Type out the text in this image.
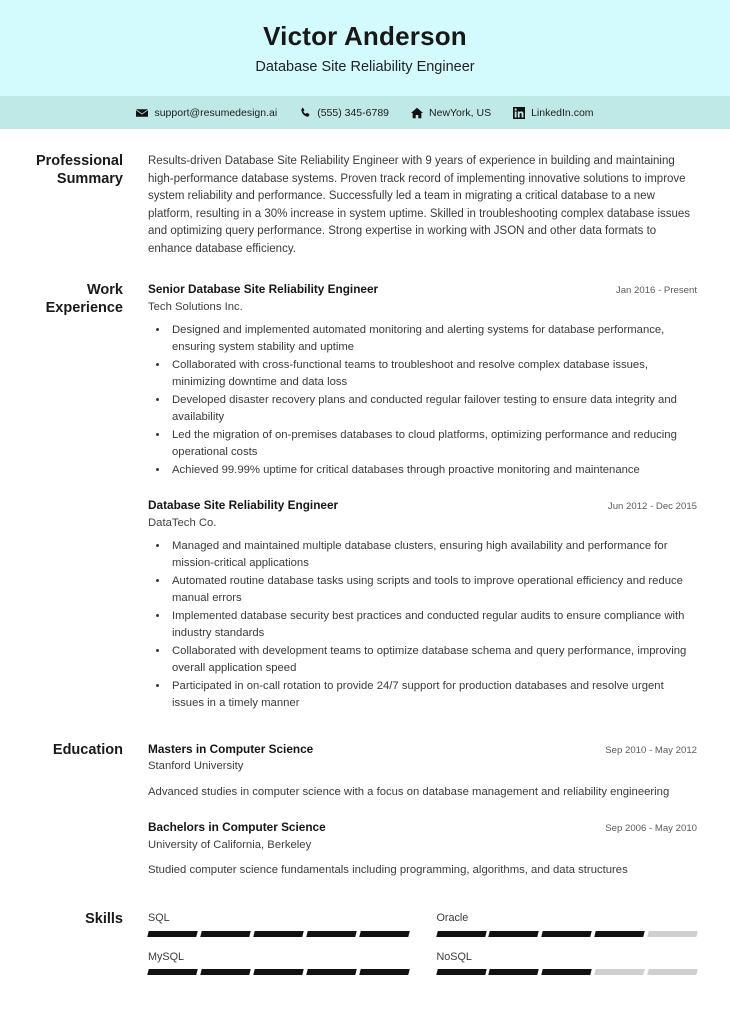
Victor Anderson
Database Site Reliability Engineer
support@resumedesign.ai	(555) 345-6789	NewYork, US	LinkedIn.com
Professional Summary
Results-driven Database Site Reliability Engineer with 9 years of experience in building and maintaining high-performance database systems. Proven track record of implementing innovative solutions to improve system reliability and performance. Successfully led a team in migrating a critical database to a new platform, resulting in a 30% increase in system uptime. Skilled in troubleshooting complex database issues and optimizing query performance. Strong expertise in working with JSON and other data formats to enhance database efficiency.
Work Experience
Senior Database Site Reliability Engineer	Jan 2016 - Present
Tech Solutions Inc.
• Designed and implemented automated monitoring and alerting systems for database performance, ensuring system stability and uptime
• Collaborated with cross-functional teams to troubleshoot and resolve complex database issues, minimizing downtime and data loss
• Developed disaster recovery plans and conducted regular failover testing to ensure data integrity and availability
• Led the migration of on-premises databases to cloud platforms, optimizing performance and reducing operational costs
• Achieved 99.99% uptime for critical databases through proactive monitoring and maintenance
Database Site Reliability Engineer	Jun 2012 - Dec 2015
DataTech Co.
• Managed and maintained multiple database clusters, ensuring high availability and performance for mission-critical applications
• Automated routine database tasks using scripts and tools to improve operational efficiency and reduce manual errors
• Implemented database security best practices and conducted regular audits to ensure compliance with industry standards
• Collaborated with development teams to optimize database schema and query performance, improving overall application speed
• Participated in on-call rotation to provide 24/7 support for production databases and resolve urgent issues in a timely manner
Education	Masters in Computer Science	Sep 2010 - May 2012
Stanford University
Advanced studies in computer science with a focus on database management and reliability engineering
Bachelors in Computer Science	Sep 2006 - May 2010
University of California, Berkeley
Studied computer science fundamentals including programming, algorithms, and data structures
Skills	SQL	Oracle
MySQL	NoSQL
